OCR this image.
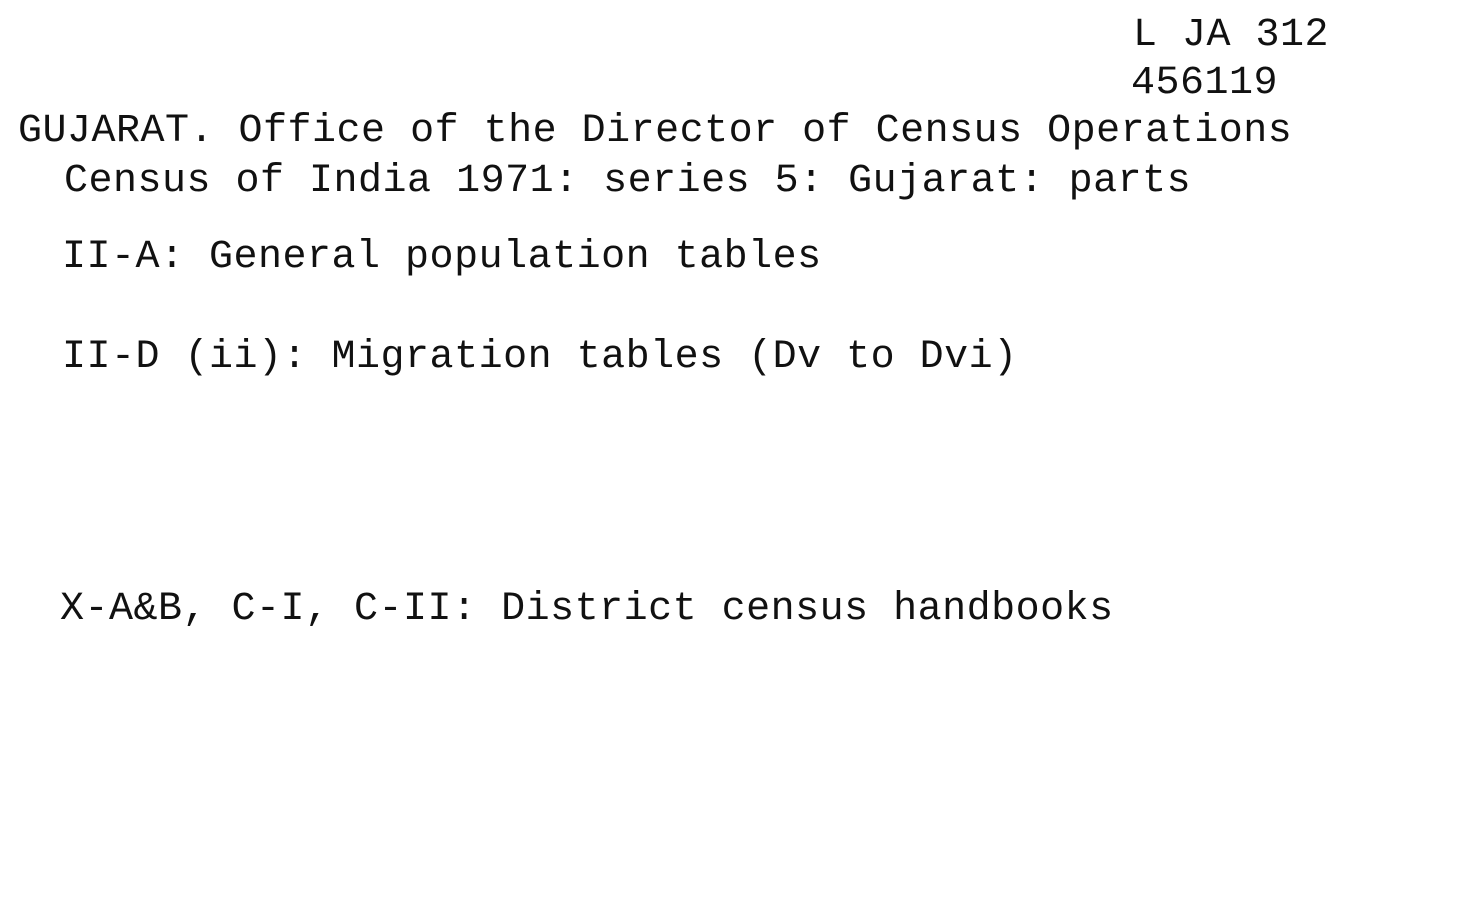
L JA 312
456119
GUJARAT. Office of the Director of Census Operations
Census of India 1971: series 5: Gujarat: parts
II-A: General population tables
II-D (ii): Migration tables (Dv to Dvi)
X-A&B, C-I, C-II: District census handbooks
